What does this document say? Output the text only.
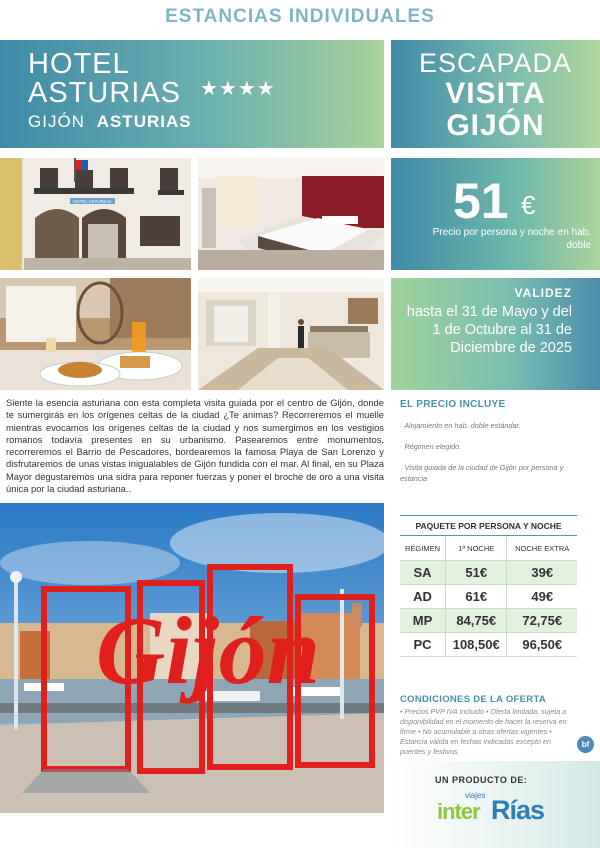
ESTANCIAS INDIVIDUALES
HOTEL
ASTURIAS ★★★★
GIJÓN ASTURIAS
ESCAPADA
VISITA
GIJÓN
HOTEL ASTURIAS	51 €
Precio por persona y noche en hab. doble
VALIDEZ
hasta el 31 de Mayo y del 1 de Octubre al 31 de Diciembre de 2025

Siente la esencia asturiana con esta completa visita guiada por el centro de Gijón, donde te sumergirás en los orígenes celtas de la ciudad ¿Te animas? Recorreremos el muelle mientras evocamos los orígenes celtas de la ciudad y nos sumergimos en los vestigios romanos todavía presentes en su urbanismo. Pasearemos entre monumentos, recorreremos el Barrio de Pescadores, bordearemos la famosa Playa de San Lorenzo y disfrutaremos de unas vistas inigualables de Gijón fundida con el mar. Al final, en su Plaza Mayor degustaremos una sidra para reponer fuerzas y poner el broche de oro a una visita única por la ciudad asturiana..

EL PRECIO INCLUYE
· Alojamiento en hab. doble estándar.
· Régimen elegido.
· Visita guiada de la ciudad de Gijón por persona y estancia
PAQUETE POR PERSONA Y NOCHE
RÉGIMEN	1ª NOCHE	NOCHE EXTRA
SA	51€	39€
AD	61€	49€
MP	84,75€	72,75€
PC	108,50€	96,50€
CONDICIONES DE LA OFERTA
• Precios PVP IVA incluido • Oferta limitada, sujeta a disponibilidad en el momento de hacer la reserva en firme • No acumulable a otras ofertas vigentes • Estancia válida en fechas indicadas excepto en puentes y festivos.
bf
Gijón
UN PRODUCTO DE:
viajes
intеr Rías
